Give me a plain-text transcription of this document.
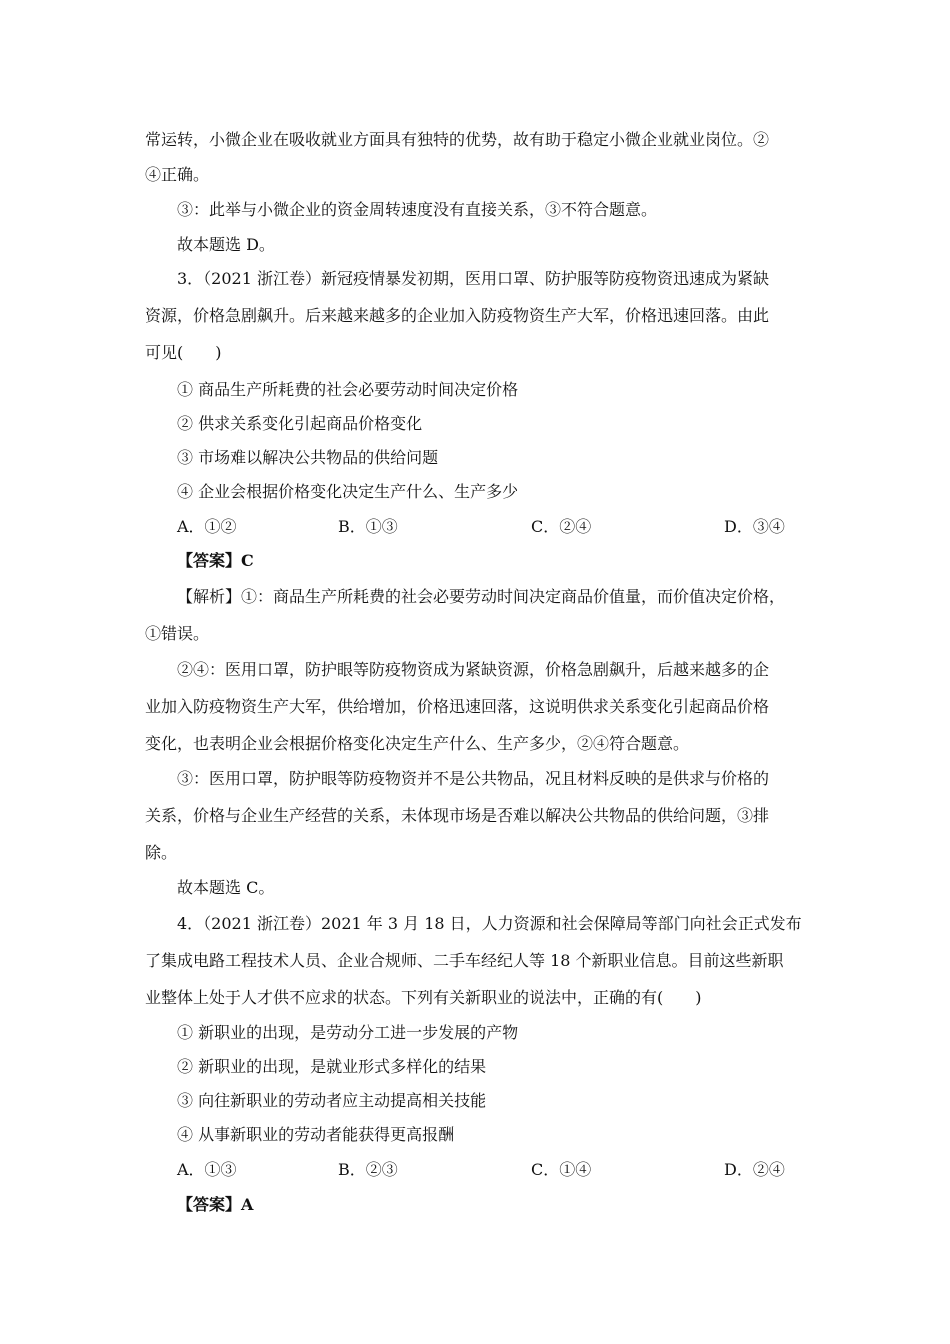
常运转，小微企业在吸收就业方面具有独特的优势，故有助于稳定小微企业就业岗位。②
④正确。
③：此举与小微企业的资金周转速度没有直接关系，③不符合题意。
故本题选 D。
3．（2021 浙江卷）新冠疫情暴发初期，医用口罩、防护服等防疫物资迅速成为紧缺
资源，价格急剧飙升。后来越来越多的企业加入防疫物资生产大军，价格迅速回落。由此
可见(　　)
① 商品生产所耗费的社会必要劳动时间决定价格
② 供求关系变化引起商品价格变化
③ 市场难以解决公共物品的供给问题
④ 企业会根据价格变化决定生产什么、生产多少
A．①②	B．①③	C．②④	D．③④
【答案】C
【解析】①：商品生产所耗费的社会必要劳动时间决定商品价值量，而价值决定价格，
①错误。
②④：医用口罩，防护眼等防疫物资成为紧缺资源，价格急剧飙升，后越来越多的企
业加入防疫物资生产大军，供给增加，价格迅速回落，这说明供求关系变化引起商品价格
变化，也表明企业会根据价格变化决定生产什么、生产多少，②④符合题意。
③：医用口罩，防护眼等防疫物资并不是公共物品，况且材料反映的是供求与价格的
关系，价格与企业生产经营的关系，未体现市场是否难以解决公共物品的供给问题，③排
除。
故本题选 C。
4．（2021 浙江卷）2021 年 3 月 18 日，人力资源和社会保障局等部门向社会正式发布
了集成电路工程技术人员、企业合规师、二手车经纪人等 18 个新职业信息。目前这些新职
业整体上处于人才供不应求的状态。下列有关新职业的说法中，正确的有(　　)
① 新职业的出现，是劳动分工进一步发展的产物
② 新职业的出现，是就业形式多样化的结果
③ 向往新职业的劳动者应主动提高相关技能
④ 从事新职业的劳动者能获得更高报酬
A．①③	B．②③	C．①④	D．②④
【答案】A
